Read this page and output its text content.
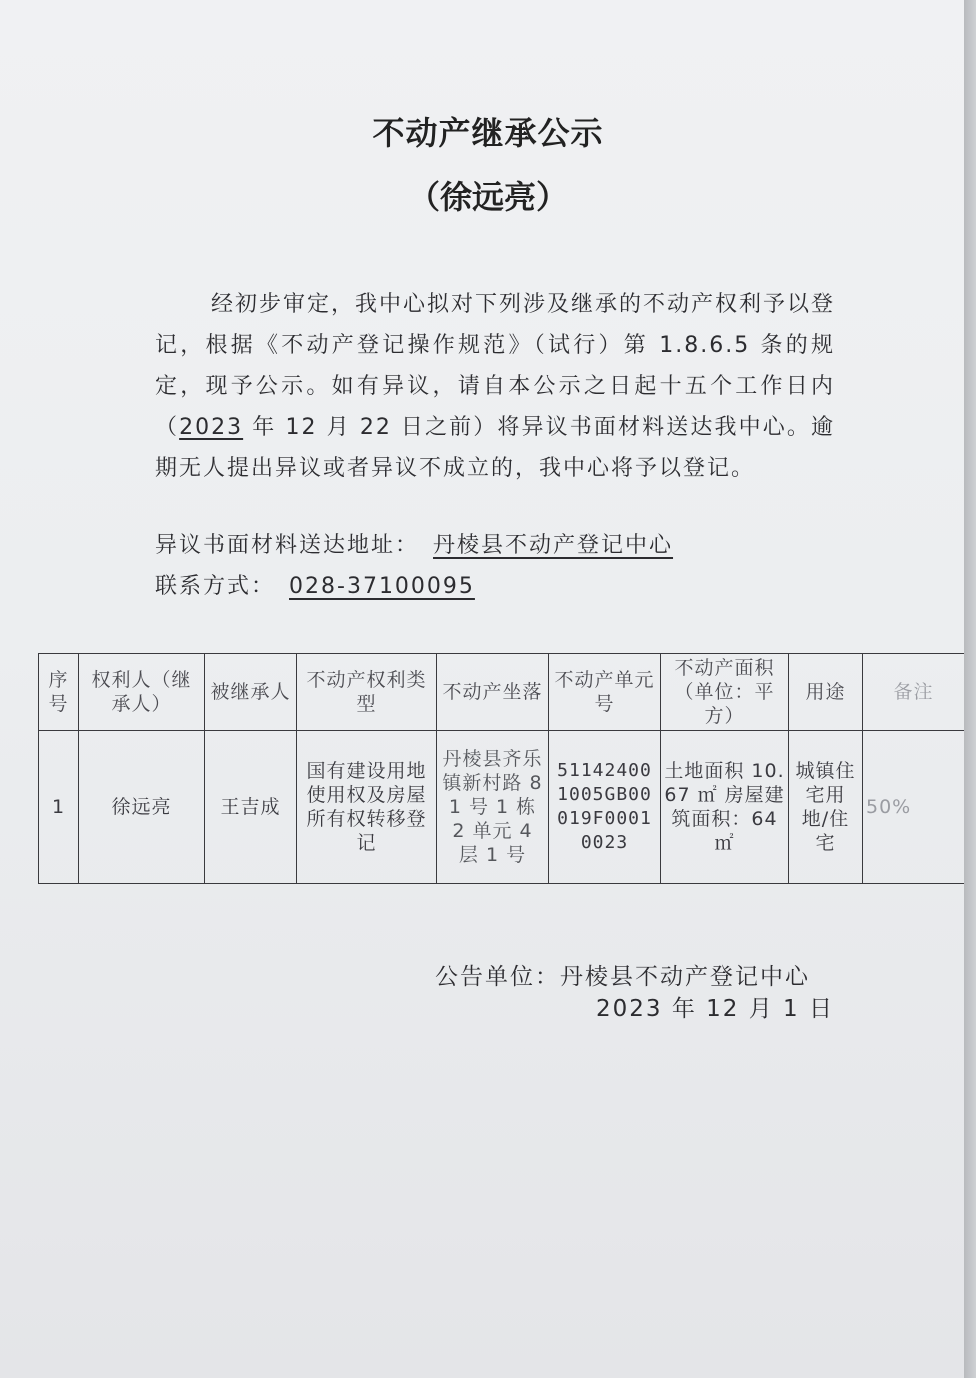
不动产继承公示
（徐远亮）
经初步审定，我中心拟对下列涉及继承的不动产权利予以登记，根据《不动产登记操作规范》（试行）第 1.8.6.5 条的规定，现予公示。如有异议，请自本公示之日起十五个工作日内（2023 年 12 月 22 日之前）将异议书面材料送达我中心。逾期无人提出异议或者异议不成立的，我中心将予以登记。
异议书面材料送达地址： 丹棱县不动产登记中心
联系方式： 028-37100095
序号	权利人（继承人）	被继承人	不动产权利类型	不动产坐落	不动产单元号	不动产面积（单位：平方）	用途	备注
1	徐远亮	王吉成	国有建设用地使用权及房屋所有权转移登记	丹棱县齐乐镇新村路 81 号 1 栋 2 单元 4 层 1 号	511424001005GB00019F00010023	土地面积 10.67 ㎡ 房屋建筑面积：64 ㎡	城镇住宅用地/住宅	50%
公告单位：丹棱县不动产登记中心
2023 年 12 月 1 日
